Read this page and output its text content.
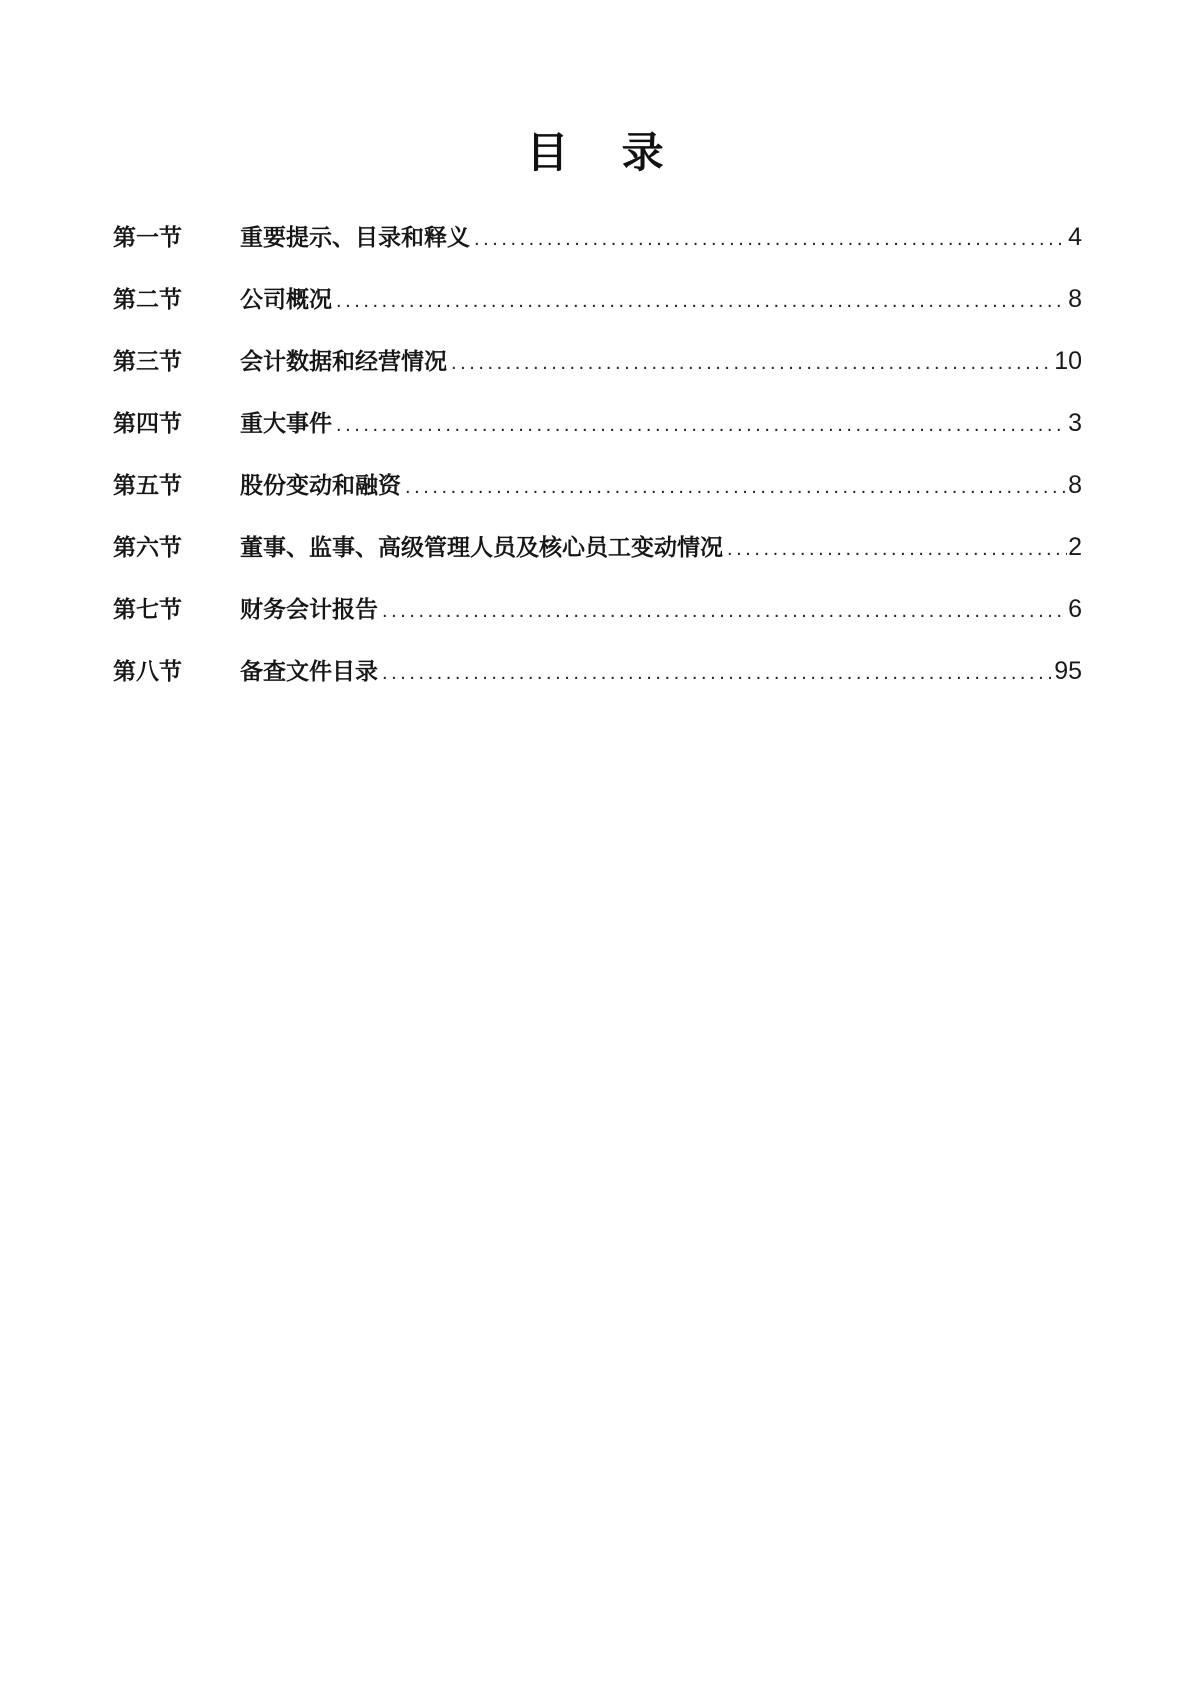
目  录
第一节	重要提示、目录和释义 . . .	4
第二节	公司概况 . . .	8
第三节	会计数据和经营情况 . . .	10
第四节	重大事件 . . .	3
第五节	股份变动和融资 . . .	8
第六节	董事、监事、高级管理人员及核心员工变动情况 . . .	2
第七节	财务会计报告 . . .	6
第八节	备查文件目录 . . .	95
